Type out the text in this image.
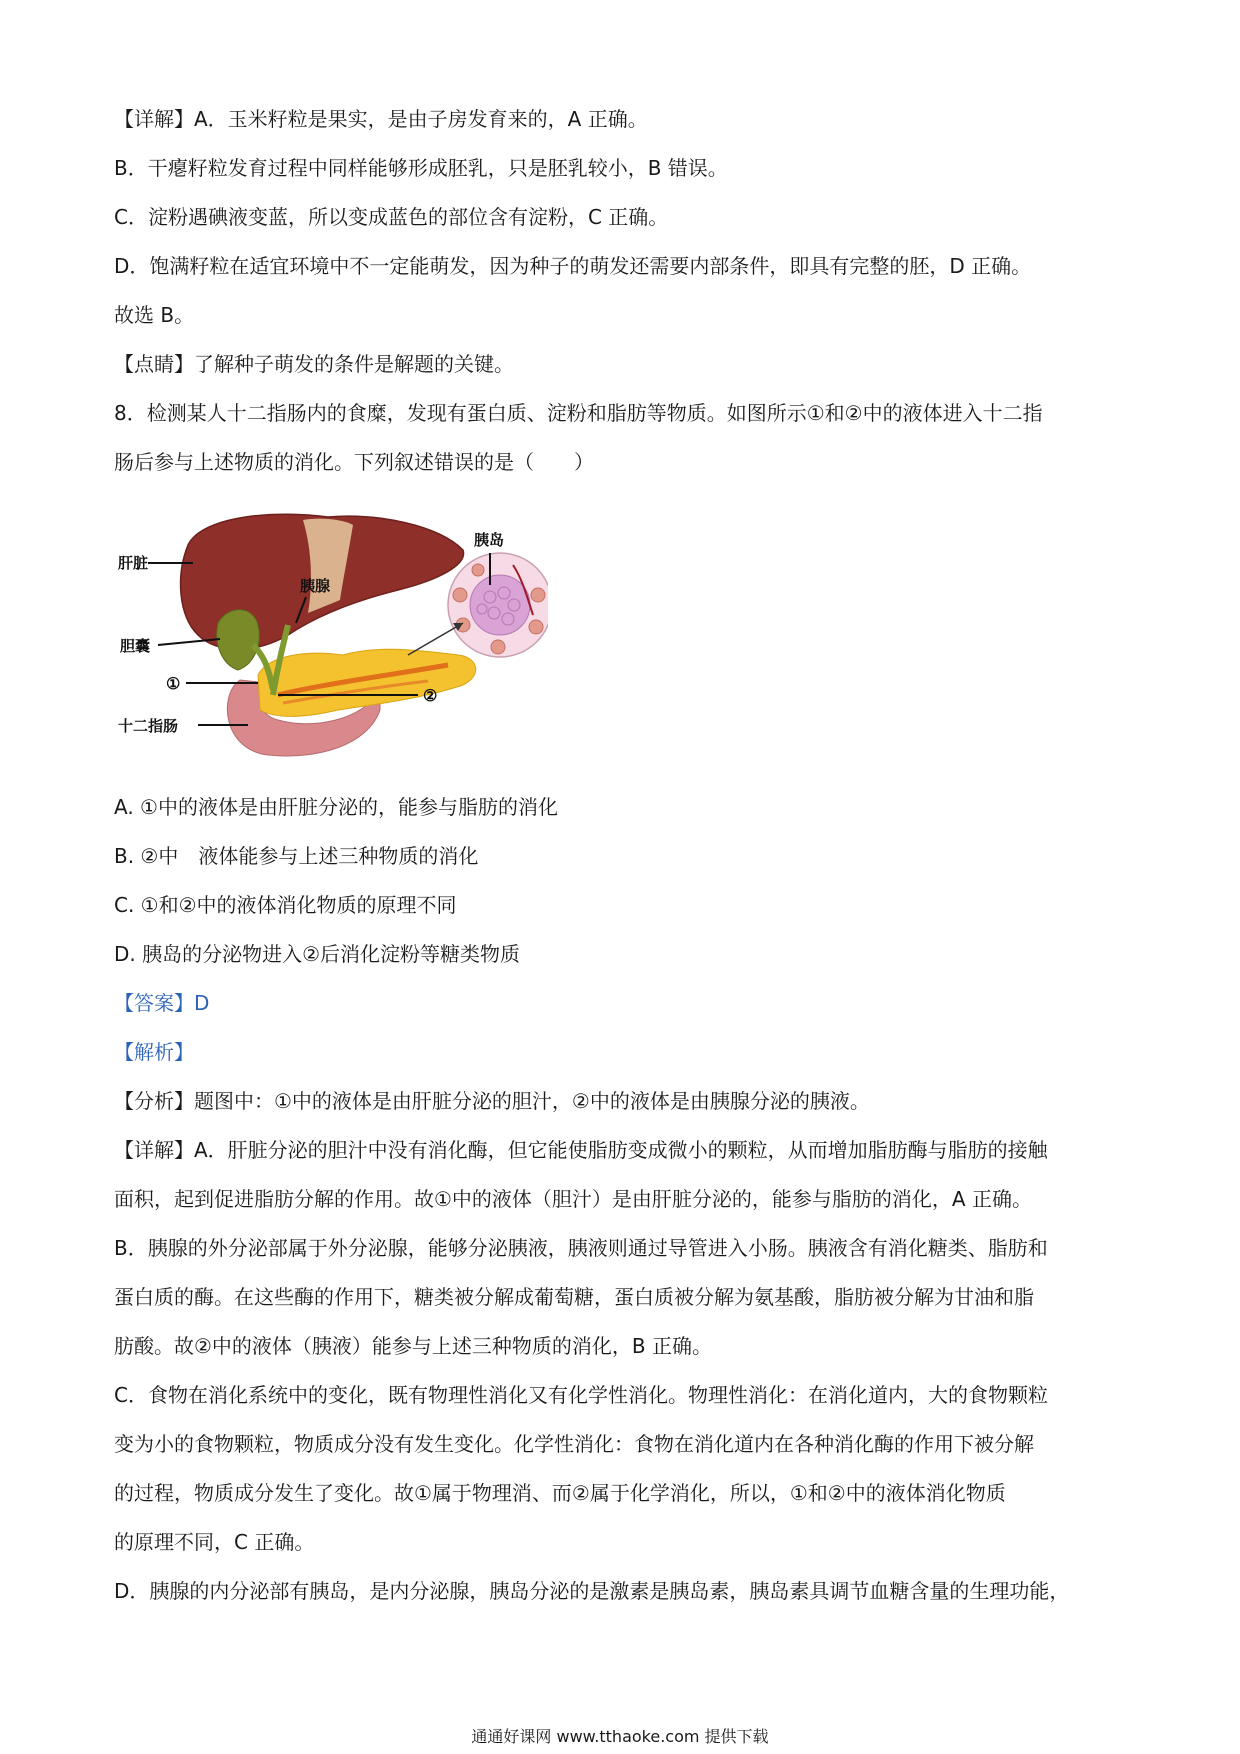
【详解】A．玉米籽粒是果实，是由子房发育来的，A 正确。
B．干瘪籽粒发育过程中同样能够形成胚乳，只是胚乳较小，B 错误。
C．淀粉遇碘液变蓝，所以变成蓝色的部位含有淀粉，C 正确。
D．饱满籽粒在适宜环境中不一定能萌发，因为种子的萌发还需要内部条件，即具有完整的胚，D 正确。
故选 B。
【点睛】了解种子萌发的条件是解题的关键。
8．检测某人十二指肠内的食糜，发现有蛋白质、淀粉和脂肪等物质。如图所示①和②中的液体进入十二指
肠后参与上述物质的消化。下列叙述错误的是（　　）
肝脏
胆囊
①
十二指肠
胰腺
②
胰岛
A. ①中的液体是由肝脏分泌的，能参与脂肪的消化
B. ②中　液体能参与上述三种物质的消化
C. ①和②中的液体消化物质的原理不同
D. 胰岛的分泌物进入②后消化淀粉等糖类物质
【答案】D
【解析】
【分析】题图中：①中的液体是由肝脏分泌的胆汁，②中的液体是由胰腺分泌的胰液。
【详解】A．肝脏分泌的胆汁中没有消化酶，但它能使脂肪变成微小的颗粒，从而增加脂肪酶与脂肪的接触
面积，起到促进脂肪分解的作用。故①中的液体（胆汁）是由肝脏分泌的，能参与脂肪的消化，A 正确。
B．胰腺的外分泌部属于外分泌腺，能够分泌胰液，胰液则通过导管进入小肠。胰液含有消化糖类、脂肪和
蛋白质的酶。在这些酶的作用下，糖类被分解成葡萄糖，蛋白质被分解为氨基酸，脂肪被分解为甘油和脂
肪酸。故②中的液体（胰液）能参与上述三种物质的消化，B 正确。
C．食物在消化系统中的变化，既有物理性消化又有化学性消化。物理性消化：在消化道内，大的食物颗粒
变为小的食物颗粒，物质成分没有发生变化。化学性消化：食物在消化道内在各种消化酶的作用下被分解
的过程，物质成分发生了变化。故①属于物理消、而②属于化学消化，所以，①和②中的液体消化物质
的原理不同，C 正确。
D．胰腺的内分泌部有胰岛，是内分泌腺，胰岛分泌的是激素是胰岛素，胰岛素具调节血糖含量的生理功能，
通通好课网 www.tthaoke.com 提供下载
